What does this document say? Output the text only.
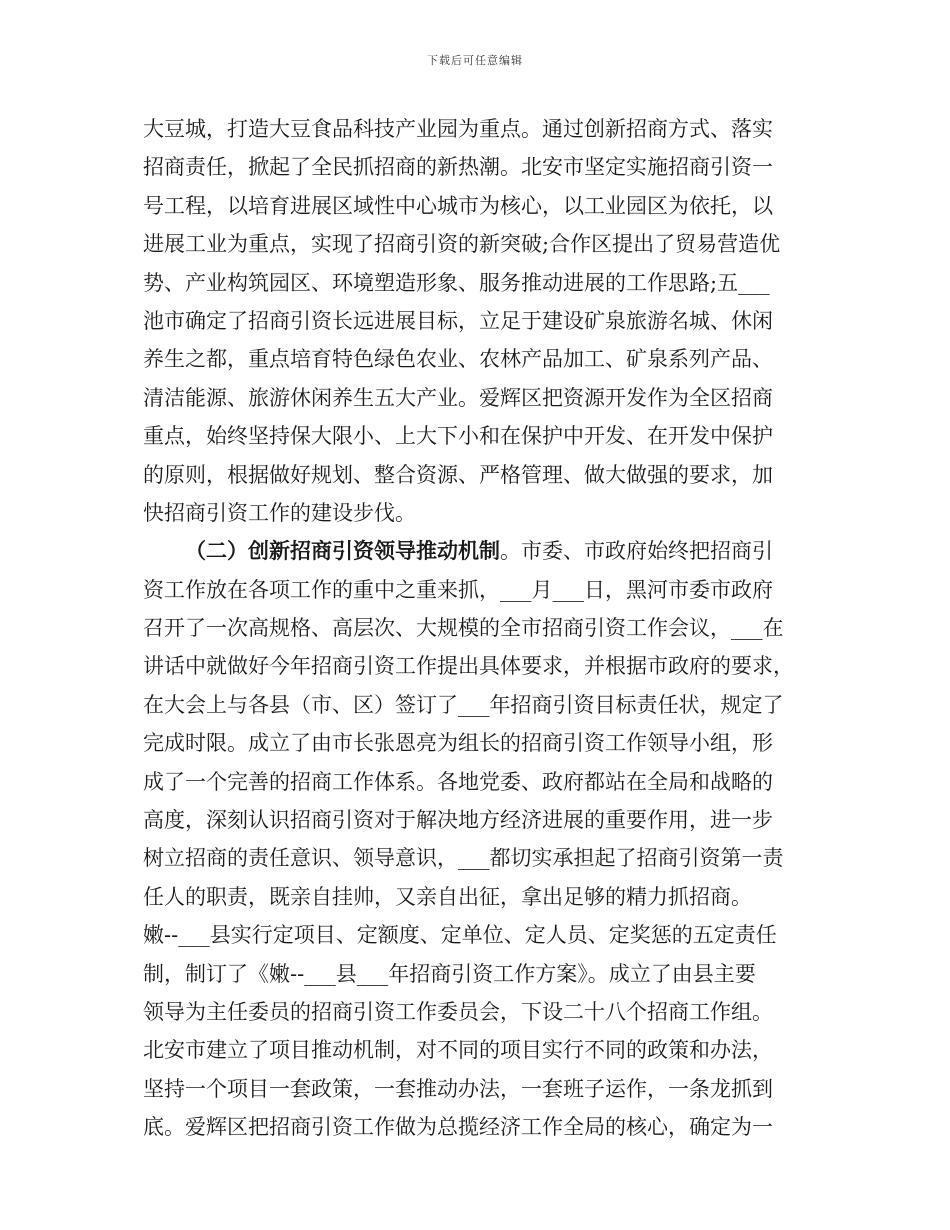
下载后可任意编辑
大豆城，打造大豆食品科技产业园为重点。通过创新招商方式、落实
招商责任，掀起了全民抓招商的新热潮。北安市坚定实施招商引资一
号工程，以培育进展区域性中心城市为核心，以工业园区为依托，以
进展工业为重点，实现了招商引资的新突破;合作区提出了贸易营造优
势、产业构筑园区、环境塑造形象、服务推动进展的工作思路;五___
池市确定了招商引资长远进展目标，立足于建设矿泉旅游名城、休闲
养生之都，重点培育特色绿色农业、农林产品加工、矿泉系列产品、
清洁能源、旅游休闲养生五大产业。爱辉区把资源开发作为全区招商
重点，始终坚持保大限小、上大下小和在保护中开发、在开发中保护
的原则，根据做好规划、整合资源、严格管理、做大做强的要求，加
快招商引资工作的建设步伐。
（二）创新招商引资领导推动机制。市委、市政府始终把招商引
资工作放在各项工作的重中之重来抓，___月___日，黑河市委市政府
召开了一次高规格、高层次、大规模的全市招商引资工作会议，___在
讲话中就做好今年招商引资工作提出具体要求，并根据市政府的要求，
在大会上与各县（市、区）签订了___年招商引资目标责任状，规定了
完成时限。成立了由市长张恩亮为组长的招商引资工作领导小组，形
成了一个完善的招商工作体系。各地党委、政府都站在全局和战略的
高度，深刻认识招商引资对于解决地方经济进展的重要作用，进一步
树立招商的责任意识、领导意识，___都切实承担起了招商引资第一责
任人的职责，既亲自挂帅，又亲自出征，拿出足够的精力抓招商。
嫩--___县实行定项目、定额度、定单位、定人员、定奖惩的五定责任
制，制订了《嫩--___县___年招商引资工作方案》。成立了由县主要
领导为主任委员的招商引资工作委员会，下设二十八个招商工作组。
北安市建立了项目推动机制，对不同的项目实行不同的政策和办法，
坚持一个项目一套政策，一套推动办法，一套班子运作，一条龙抓到
底。爱辉区把招商引资工作做为总揽经济工作全局的核心，确定为一
